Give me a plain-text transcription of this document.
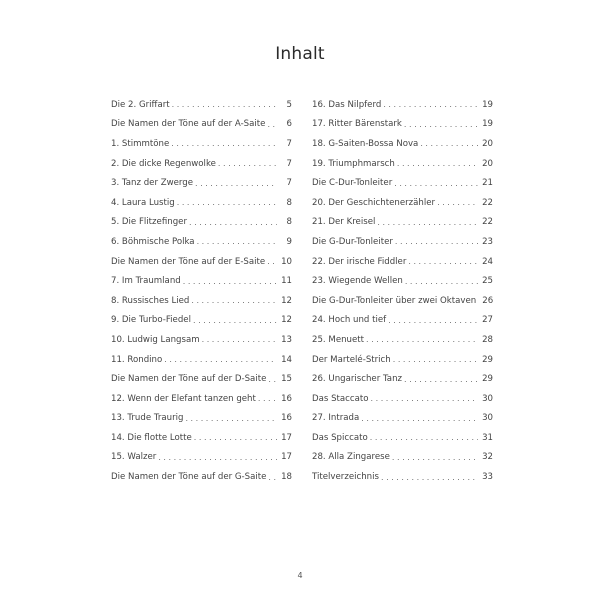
Inhalt
Die 2. Griffart . . .	5
Die Namen der Töne auf der A-Saite . . .	6
1. Stimmtöne . . .	7
2. Die dicke Regenwolke . . .	7
3. Tanz der Zwerge . . .	7
4. Laura Lustig . . .	8
5. Die Flitzefinger . . .	8
6. Böhmische Polka . . .	9
Die Namen der Töne auf der E-Saite . . . 10
7. Im Traumland . . .	11
8. Russisches Lied . . .	12
9. Die Turbo-Fiedel . . .	12
10. Ludwig Langsam . . .	13
11. Rondino . . .	14
Die Namen der Töne auf der D-Saite . . . 15
12. Wenn der Elefant tanzen geht . . .	16
13. Trude Traurig . . .	16
14. Die flotte Lotte . . .	17
15. Walzer . . .	17
Die Namen der Töne auf der G-Saite . . . 18
16. Das Nilpferd . . .	19
17. Ritter Bärenstark . . .	19
18. G-Saiten-Bossa Nova . . .	20
19. Triumphmarsch . . .	20
Die C-Dur-Tonleiter . . .	21
20. Der Geschichtenerzähler . . .	22
21. Der Kreisel . . .	22
Die G-Dur-Tonleiter . . .	23
22. Der irische Fiddler . . .	24
23. Wiegende Wellen . . .	25
Die G-Dur-Tonleiter über zwei Oktaven 26
24. Hoch und tief . . .	27
25. Menuett . . .	28
Der Martelé-Strich . . .	29
26. Ungarischer Tanz . . .	29
Das Staccato . . .	30
27. Intrada . . .	30
Das Spiccato . . .	31
28. Alla Zingarese . . .	32
Titelverzeichnis . . .	33
4
